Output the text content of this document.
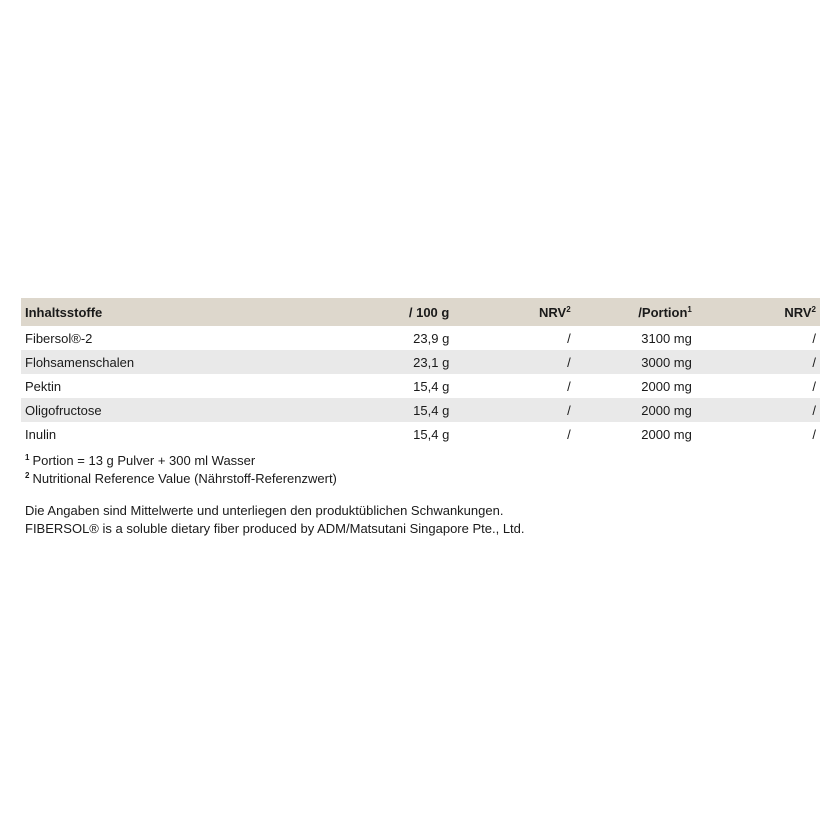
Inhaltsstoffe	/ 100 g	NRV$^2$	/Portion$^1$	NRV$^2$
Fibersol®-2	23,9 g	/	3100 mg	/
Flohsamenschalen	23,1 g	/	3000 mg	/
Pektin	15,4 g	/	2000 mg	/
Oligofructose	15,4 g	/	2000 mg	/
Inulin	15,4 g	/	2000 mg	/

$^1$ Portion = 13 g Pulver + 300 ml Wasser

$^2$ Nutritional Reference Value (Nährstoff-Referenzwert)

Die Angaben sind Mittelwerte und unterliegen den produktüblichen Schwankungen.

FIBERSOL® is a soluble dietary fiber produced by ADM/Matsutani Singapore Pte., Ltd.
